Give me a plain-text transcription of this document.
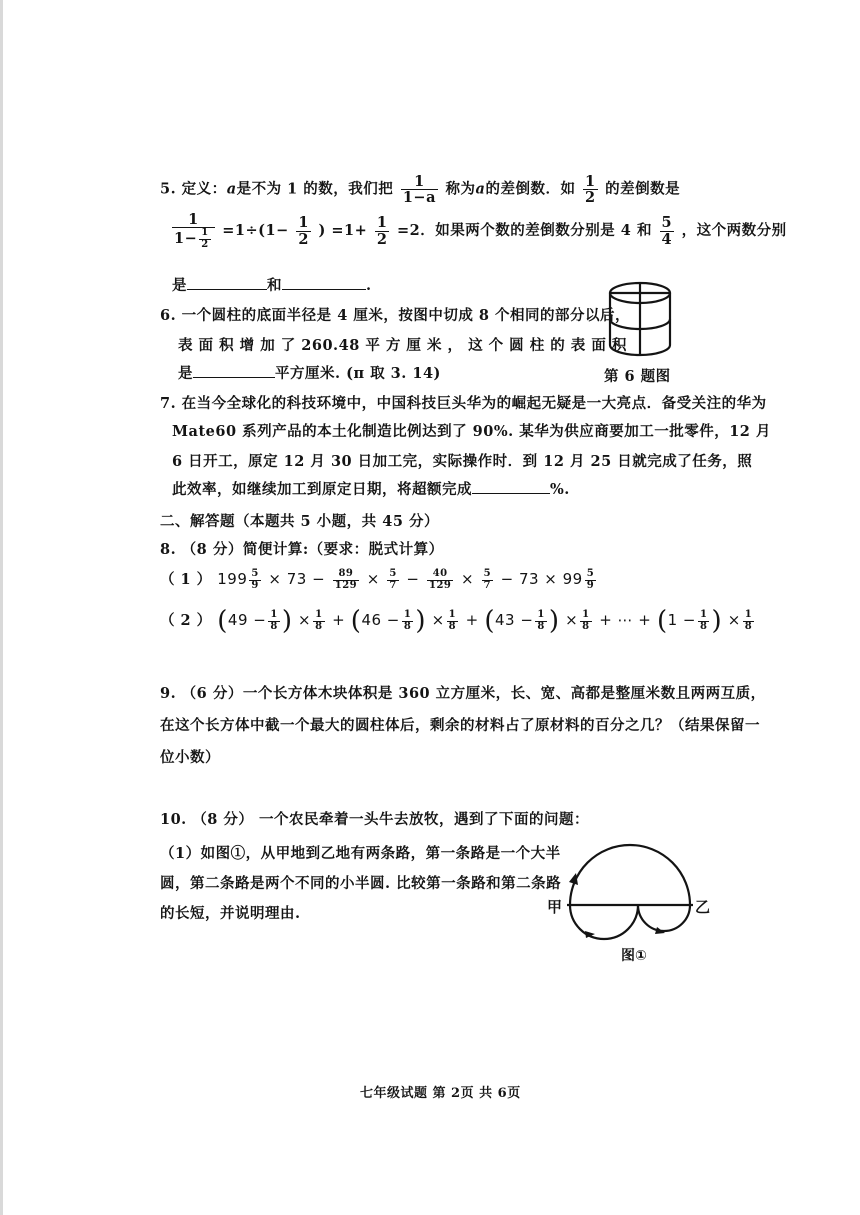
5. 定义：a是不为 1 的数，我们把 $\frac{1}{1-a}$ 称为a的差倒数．如 $\frac{1}{2}$ 的差倒数是
$\frac{1}{1- \frac{1}{2}} =1\div(1- \frac{1}{2}$ ) $=1+ \frac{1}{2} =2$．如果两个数的差倒数分别是 4 和 $\frac{5}{4}$ ，这个两数分别
是	和	.
6. 一个圆柱的底面半径是 4 厘米，按图中切成 8 个相同的部分以后，
表 面 积 增 加 了 260.48 平 方 厘 米 ， 这 个 圆 柱 的 表 面 积
是	平方厘米. (π 取 3. 14)	第 6 题图
7. 在当今全球化的科技环境中，中国科技巨头华为的崛起无疑是一大亮点．备受关注的华为
Mate60 系列产品的本土化制造比例达到了 90%. 某华为供应商要加工一批零件，12 月
6 日开工，原定 12 月 30 日加工完，实际操作时．到 12 月 25 日就完成了任务，照
此效率，如继续加工到原定日期，将超额完成	%.
二、解答题（本题共 5 小题，共 45 分）
8. （8 分）简便计算:（要求：脱式计算）
（ 1 ） $199 \frac{5}{9} \times 73 - \frac{89}{129} \times \frac{5}{7} - \frac{40}{129} \times \frac{5}{7} - 73 \times 99 \frac{5}{9}$
（ 2 ） ($49 - \frac{1}{8}$ ) × $\frac{1}{8} + (46 - \frac{1}{8}$ ) × $\frac{1}{8} + (43 - \frac{1}{8}$ ) × $\frac{1}{8}$ + ⋯ + ($1 - \frac{1}{8}$ ) × $\frac{1}{8}$
9. （6 分）一个长方体木块体积是 360 立方厘米，长、宽、高都是整厘米数且两两互质，
在这个长方体中截一个最大的圆柱体后，剩余的材料占了原材料的百分之几？（结果保留一
位小数）
10. （8 分） 一个农民牵着一头牛去放牧，遇到了下面的问题：
（1）如图①，从甲地到乙地有两条路，第一条路是一个大半
圆，第二条路是两个不同的小半圆. 比较第一条路和第二条路
的长短，并说明理由.	甲	乙
图①
七年级试题 第 2页 共 6页
